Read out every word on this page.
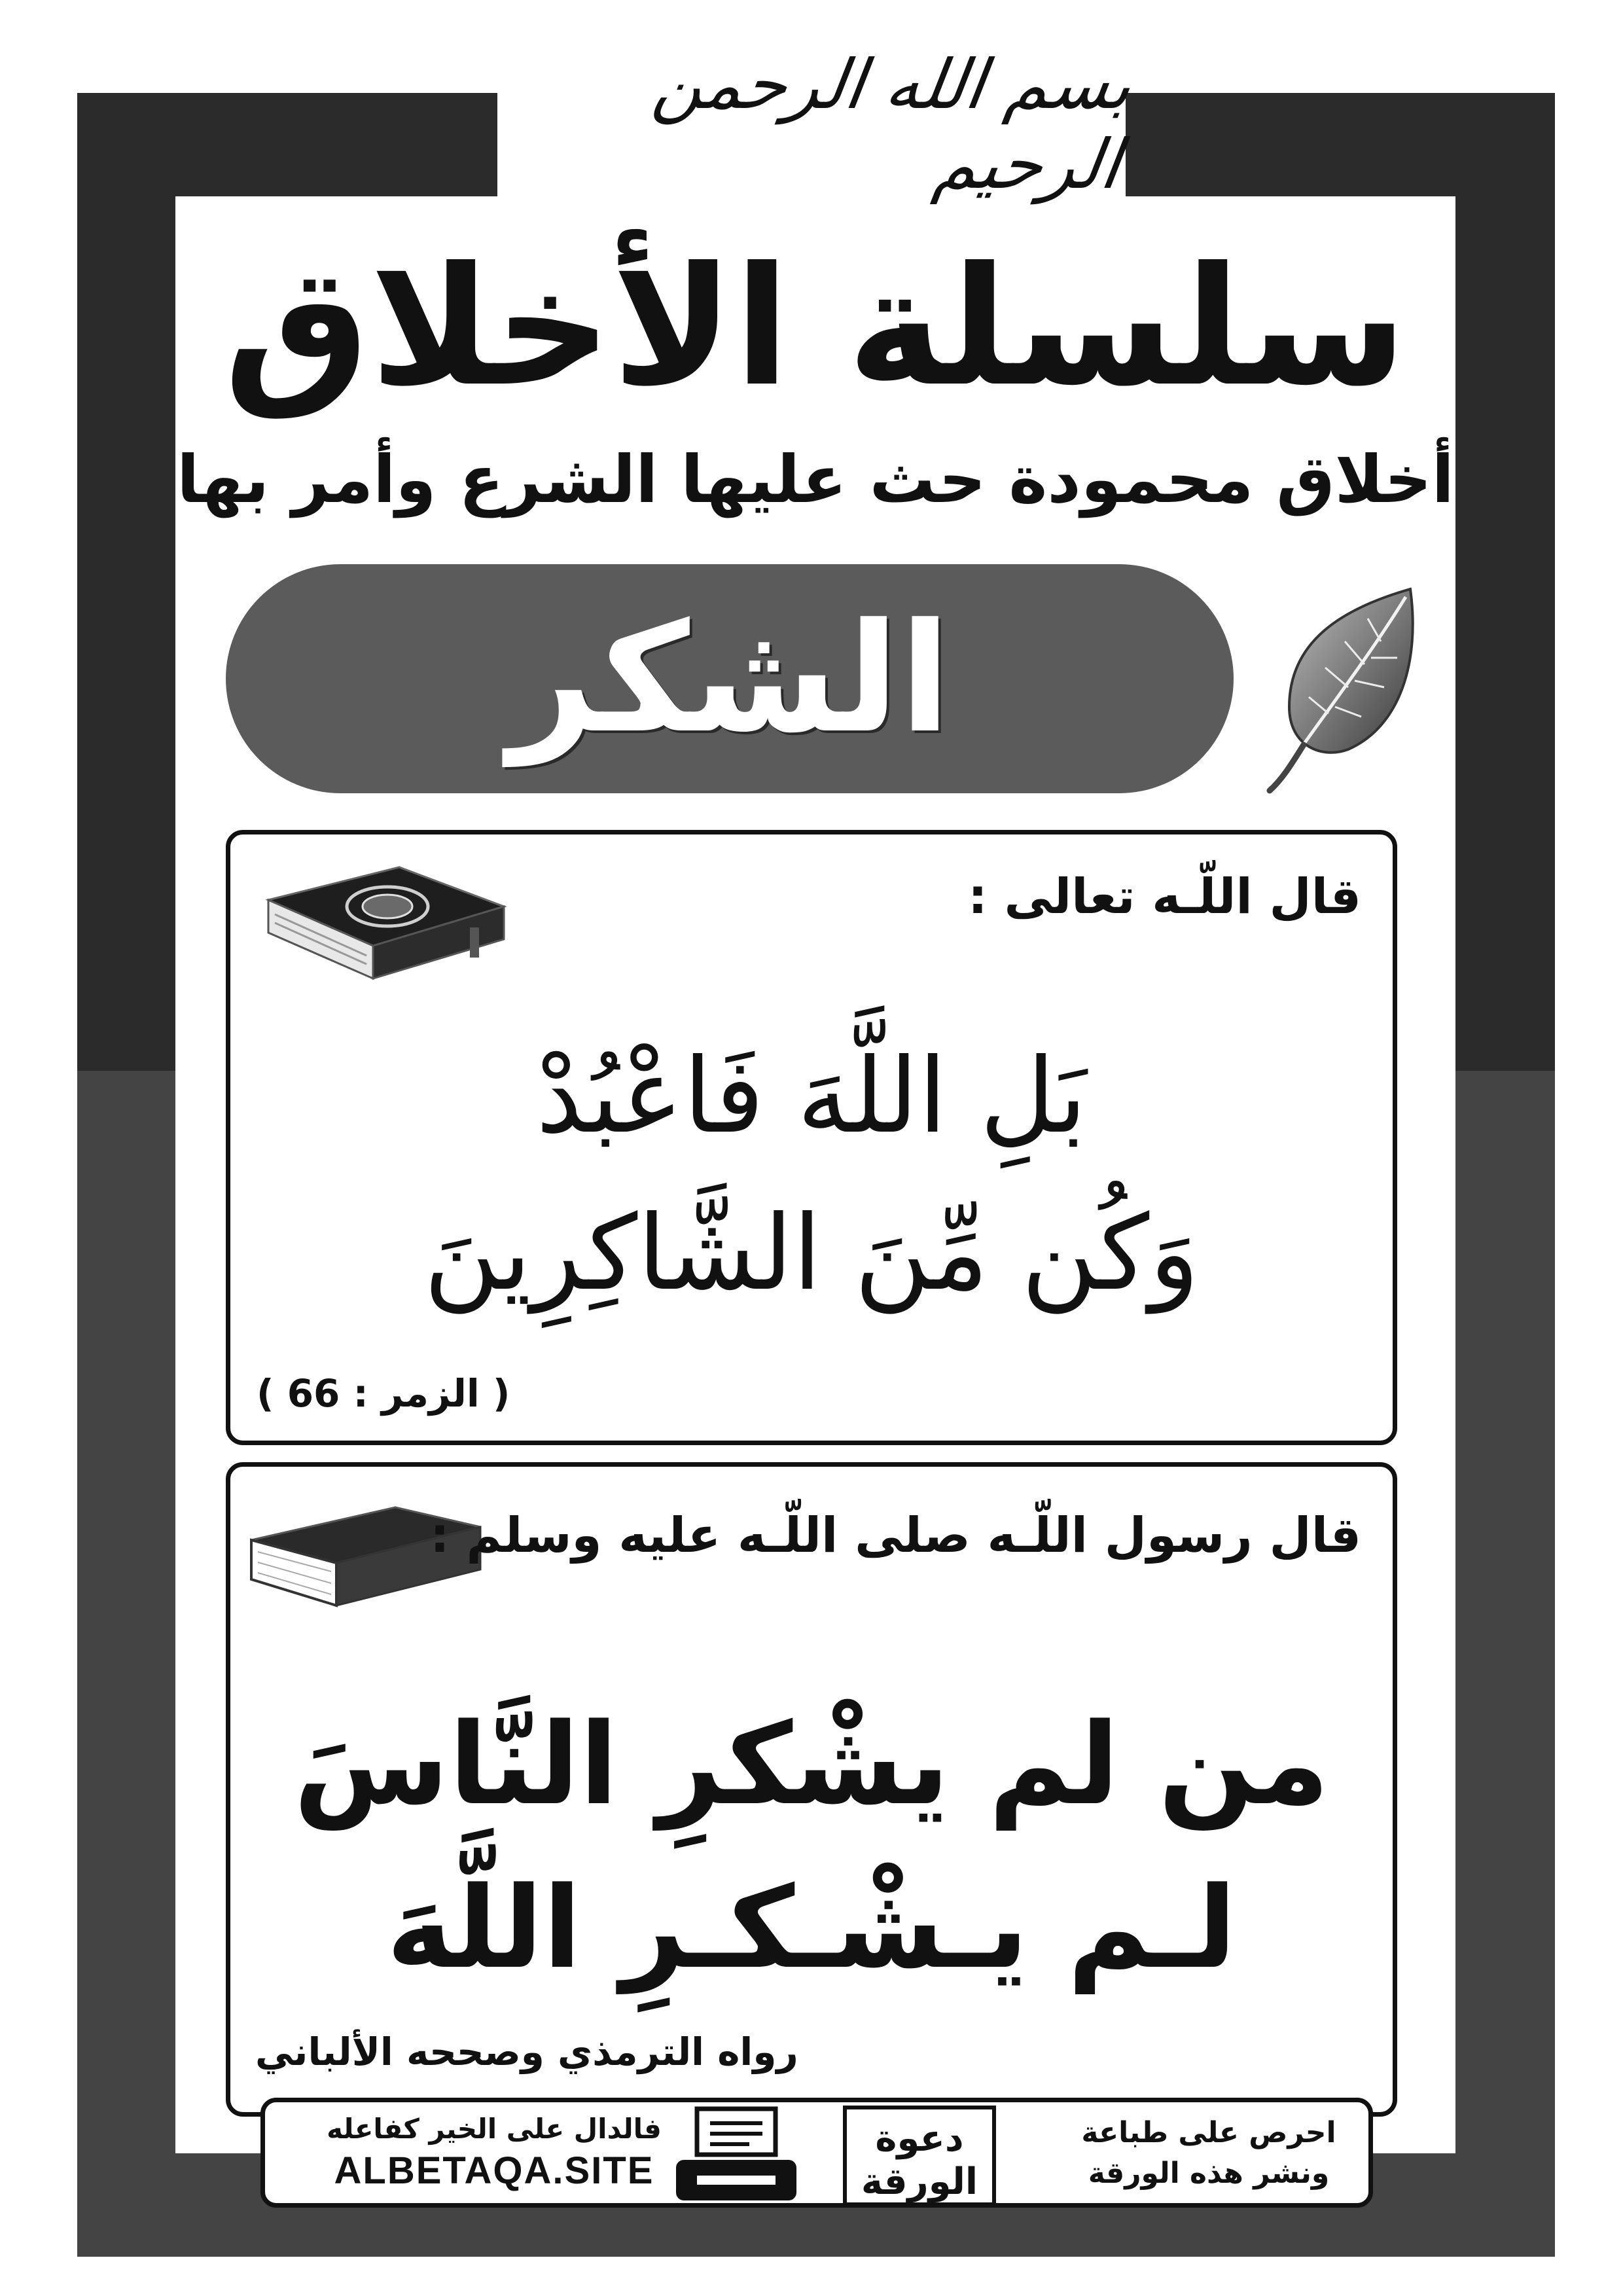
بسم الله الرحمن الرحيم
سلسلة الأخلاق
أخلاق محمودة حث عليها الشرع وأمر بها
الشكر
قال اللّـه تعالى :
بَلِ اللَّهَ فَاعْبُدْ
وَكُن مِّنَ الشَّاكِرِينَ
( الزمر : 66 )
قال رسول اللّـه صلى اللّـه عليه وسلم :
من لم يشْكرِ النَّاسَ
لـم يـشْـكـرِ اللَّهَ
رواه الترمذي وصححه الألباني
فالدال على الخير كفاعله
ALBETAQA.SITE
دعوة
الورقة
احرص على طباعة
ونشر هذه الورقة
